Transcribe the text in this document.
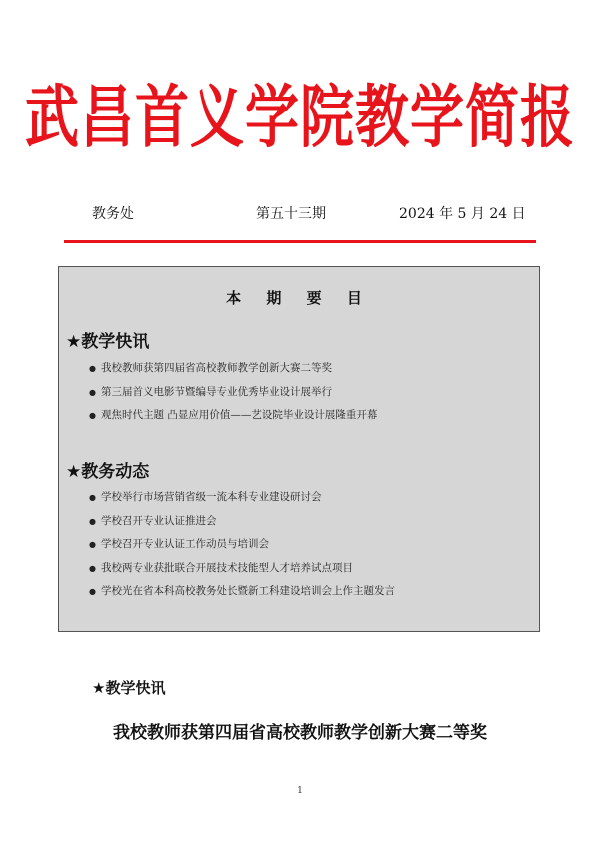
武昌首义学院教学简报
教务处	第五十三期	2024 年 5 月 24 日
本 期 要 目
★教学快讯
● 我校教师获第四届省高校教师教学创新大赛二等奖
● 第三届首义电影节暨编导专业优秀毕业设计展举行
● 观焦时代主题 凸显应用价值——艺设院毕业设计展隆重开幕
★教务动态
● 学校举行市场营销省级一流本科专业建设研讨会
● 学校召开专业认证推进会
● 学校召开专业认证工作动员与培训会
● 我校两专业获批联合开展技术技能型人才培养试点项目
● 学校光在省本科高校教务处长暨新工科建设培训会上作主题发言
★教学快讯
我校教师获第四届省高校教师教学创新大赛二等奖
1
